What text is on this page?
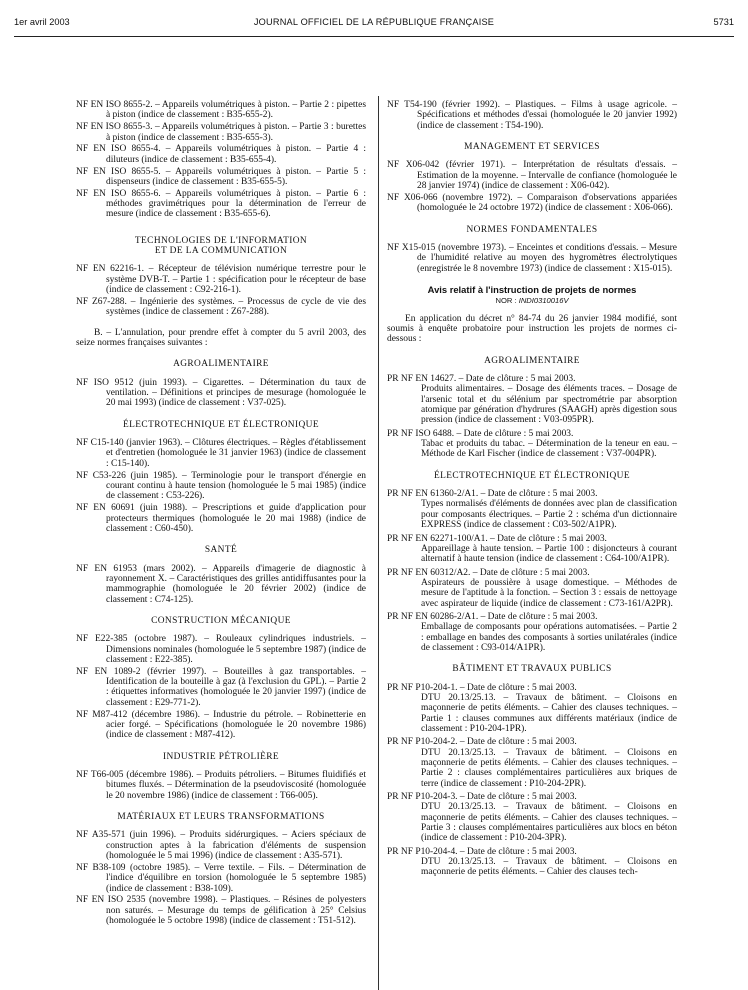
1er avril 2003	JOURNAL OFFICIEL DE LA RÉPUBLIQUE FRANÇAISE	5731

NF EN ISO 8655-2. – Appareils volumétriques à piston. – Partie 2 : pipettes à piston (indice de classement : B35-655-2).

NF EN ISO 8655-3. – Appareils volumétriques à piston. – Partie 3 : burettes à piston (indice de classement : B35-655-3).

NF EN ISO 8655-4. – Appareils volumétriques à piston. – Partie 4 : diluteurs (indice de classement : B35-655-4).

NF EN ISO 8655-5. – Appareils volumétriques à piston. – Partie 5 : dispenseurs (indice de classement : B35-655-5).

NF EN ISO 8655-6. – Appareils volumétriques à piston. – Partie 6 : méthodes gravimétriques pour la détermination de l'erreur de mesure (indice de classement : B35-655-6).

TECHNOLOGIES DE L'INFORMATION
ET DE LA COMMUNICATION

NF EN 62216-1. – Récepteur de télévision numérique terrestre pour le système DVB-T. – Partie 1 : spécification pour le récepteur de base (indice de classement : C92-216-1).

NF Z67-288. – Ingénierie des systèmes. – Processus de cycle de vie des systèmes (indice de classement : Z67-288).

B. – L'annulation, pour prendre effet à compter du 5 avril 2003, des seize normes françaises suivantes :

AGROALIMENTAIRE

NF ISO 9512 (juin 1993). – Cigarettes. – Détermination du taux de ventilation. – Définitions et principes de mesurage (homologuée le 20 mai 1993) (indice de classement : V37-025).

ÉLECTROTECHNIQUE ET ÉLECTRONIQUE

NF C15-140 (janvier 1963). – Clôtures électriques. – Règles d'établissement et d'entretien (homologuée le 31 janvier 1963) (indice de classement : C15-140).

NF C53-226 (juin 1985). – Terminologie pour le transport d'énergie en courant continu à haute tension (homologuée le 5 mai 1985) (indice de classement : C53-226).

NF EN 60691 (juin 1988). – Prescriptions et guide d'application pour protecteurs thermiques (homologuée le 20 mai 1988) (indice de classement : C60-450).

SANTÉ

NF EN 61953 (mars 2002). – Appareils d'imagerie de diagnostic à rayonnement X. – Caractéristiques des grilles antidiffusantes pour la mammographie (homologuée le 20 février 2002) (indice de classement : C74-125).

CONSTRUCTION MÉCANIQUE

NF E22-385 (octobre 1987). – Rouleaux cylindriques industriels. – Dimensions nominales (homologuée le 5 septembre 1987) (indice de classement : E22-385).

NF EN 1089-2 (février 1997). – Bouteilles à gaz transportables. – Identification de la bouteille à gaz (à l'exclusion du GPL). – Partie 2 : étiquettes informatives (homologuée le 20 janvier 1997) (indice de classement : E29-771-2).

NF M87-412 (décembre 1986). – Industrie du pétrole. – Robinetterie en acier forgé. – Spécifications (homologuée le 20 novembre 1986) (indice de classement : M87-412).

INDUSTRIE PÉTROLIÈRE

NF T66-005 (décembre 1986). – Produits pétroliers. – Bitumes fluidifiés et bitumes fluxés. – Détermination de la pseudoviscosité (homologuée le 20 novembre 1986) (indice de classement : T66-005).

MATÉRIAUX ET LEURS TRANSFORMATIONS

NF A35-571 (juin 1996). – Produits sidérurgiques. – Aciers spéciaux de construction aptes à la fabrication d'éléments de suspension (homologuée le 5 mai 1996) (indice de classement : A35-571).

NF B38-109 (octobre 1985). – Verre textile. – Fils. – Détermination de l'indice d'équilibre en torsion (homologuée le 5 septembre 1985) (indice de classement : B38-109).

NF EN ISO 2535 (novembre 1998). – Plastiques. – Résines de polyesters non saturés. – Mesurage du temps de gélification à 25° Celsius (homologuée le 5 octobre 1998) (indice de classement : T51-512).

NF T54-190 (février 1992). – Plastiques. – Films à usage agricole. – Spécifications et méthodes d'essai (homologuée le 20 janvier 1992) (indice de classement : T54-190).

MANAGEMENT ET SERVICES

NF X06-042 (février 1971). – Interprétation de résultats d'essais. – Estimation de la moyenne. – Intervalle de confiance (homologuée le 28 janvier 1974) (indice de classement : X06-042).

NF X06-066 (novembre 1972). – Comparaison d'observations appariées (homologuée le 24 octobre 1972) (indice de classement : X06-066).

NORMES FONDAMENTALES

NF X15-015 (novembre 1973). – Enceintes et conditions d'essais. – Mesure de l'humidité relative au moyen des hygromètres électrolytiques (enregistrée le 8 novembre 1973) (indice de classement : X15-015).

Avis relatif à l'instruction de projets de normes
NOR : INDI0310016V

En application du décret n° 84-74 du 26 janvier 1984 modifié, sont soumis à enquête probatoire pour instruction les projets de normes ci-dessous :

AGROALIMENTAIRE
PR NF EN 14627. – Date de clôture : 5 mai 2003.
Produits alimentaires. – Dosage des éléments traces. – Dosage de l'arsenic total et du sélénium par spectrométrie par absorption atomique par génération d'hydrures (SAAGH) après digestion sous pression (indice de classement : V03-095PR).
PR NF ISO 6488. – Date de clôture : 5 mai 2003.
Tabac et produits du tabac. – Détermination de la teneur en eau. – Méthode de Karl Fischer (indice de classement : V37-004PR).
ÉLECTROTECHNIQUE ET ÉLECTRONIQUE
PR NF EN 61360-2/A1. – Date de clôture : 5 mai 2003.
Types normalisés d'éléments de données avec plan de classification pour composants électriques. – Partie 2 : schéma d'un dictionnaire EXPRESS (indice de classement : C03-502/A1PR).
PR NF EN 62271-100/A1. – Date de clôture : 5 mai 2003.
Appareillage à haute tension. – Partie 100 : disjoncteurs à courant alternatif à haute tension (indice de classement : C64-100/A1PR).
PR NF EN 60312/A2. – Date de clôture : 5 mai 2003.
Aspirateurs de poussière à usage domestique. – Méthodes de mesure de l'aptitude à la fonction. – Section 3 : essais de nettoyage avec aspirateur de liquide (indice de classement : C73-161/A2PR).
PR NF EN 60286-2/A1. – Date de clôture : 5 mai 2003.
Emballage de composants pour opérations automatisées. – Partie 2 : emballage en bandes des composants à sorties unilatérales (indice de classement : C93-014/A1PR).
BÂTIMENT ET TRAVAUX PUBLICS
PR NF P10-204-1. – Date de clôture : 5 mai 2003.
DTU 20.13/25.13. – Travaux de bâtiment. – Cloisons en maçonnerie de petits éléments. – Cahier des clauses techniques. – Partie 1 : clauses communes aux différents matériaux (indice de classement : P10-204-1PR).
PR NF P10-204-2. – Date de clôture : 5 mai 2003.
DTU 20.13/25.13. – Travaux de bâtiment. – Cloisons en maçonnerie de petits éléments. – Cahier des clauses techniques. – Partie 2 : clauses complémentaires particulières aux briques de terre (indice de classement : P10-204-2PR).
PR NF P10-204-3. – Date de clôture : 5 mai 2003.
DTU 20.13/25.13. – Travaux de bâtiment. – Cloisons en maçonnerie de petits éléments. – Cahier des clauses techniques. – Partie 3 : clauses complémentaires particulières aux blocs en béton (indice de classement : P10-204-3PR).
PR NF P10-204-4. – Date de clôture : 5 mai 2003.
DTU 20.13/25.13. – Travaux de bâtiment. – Cloisons en maçonnerie de petits éléments. – Cahier des clauses tech-
